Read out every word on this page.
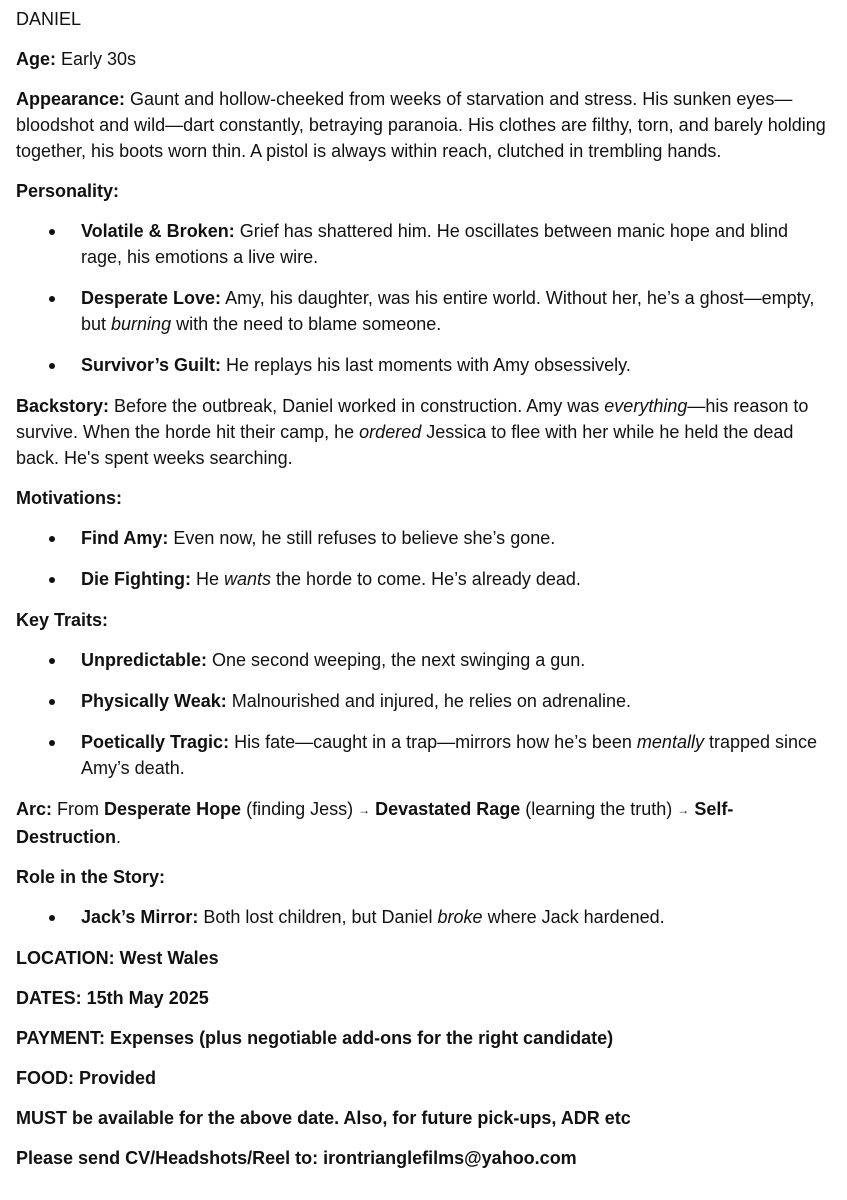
DANIEL

Age: Early 30s

Appearance: Gaunt and hollow-cheeked from weeks of starvation and stress. His sunken eyes—bloodshot and wild—dart constantly, betraying paranoia. His clothes are filthy, torn, and barely holding together, his boots worn thin. A pistol is always within reach, clutched in trembling hands.

Personality:

Volatile & Broken: Grief has shattered him. He oscillates between manic hope and blind rage, his emotions a live wire.
Desperate Love: Amy, his daughter, was his entire world. Without her, he’s a ghost—empty, but burning with the need to blame someone.
Survivor’s Guilt: He replays his last moments with Amy obsessively.

Backstory: Before the outbreak, Daniel worked in construction. Amy was everything—his reason to survive. When the horde hit their camp, he ordered Jessica to flee with her while he held the dead back. He's spent weeks searching.

Motivations:

Find Amy: Even now, he still refuses to believe she’s gone.
Die Fighting: He wants the horde to come. He’s already dead.

Key Traits:

Unpredictable: One second weeping, the next swinging a gun.
Physically Weak: Malnourished and injured, he relies on adrenaline.
Poetically Tragic: His fate—caught in a trap—mirrors how he’s been mentally trapped since Amy’s death.

Arc: From Desperate Hope (finding Jess) → Devastated Rage (learning the truth) → Self-Destruction.

Role in the Story:

Jack’s Mirror: Both lost children, but Daniel broke where Jack hardened.

LOCATION: West Wales

DATES: 15th May 2025

PAYMENT: Expenses (plus negotiable add-ons for the right candidate)

FOOD: Provided

MUST be available for the above date. Also, for future pick-ups, ADR etc

Please send CV/Headshots/Reel to: irontrianglefilms@yahoo.com
